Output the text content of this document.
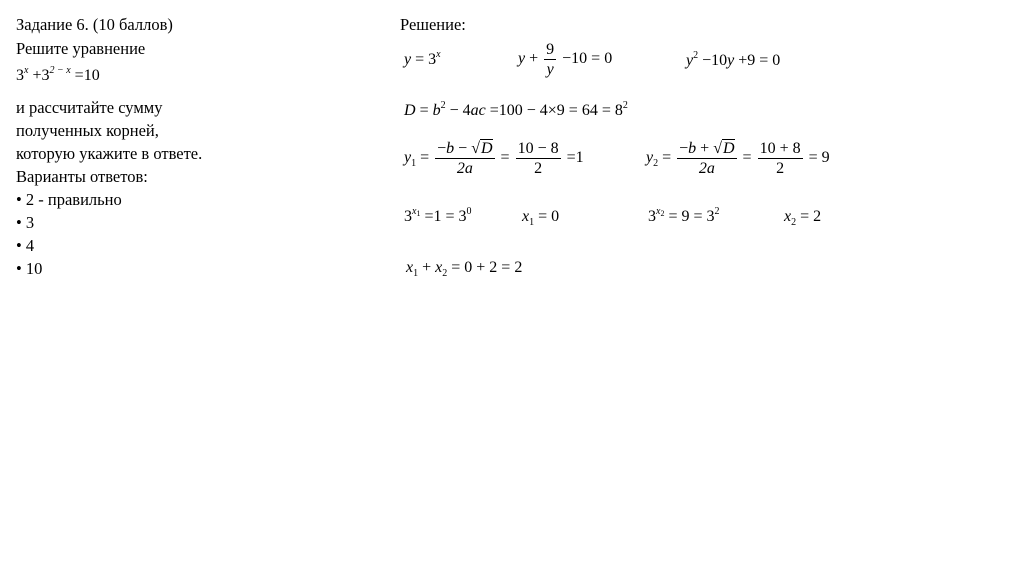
Задание 6. (10 баллов)
Решите уравнение
$3^x +3^{2 - x} =10$
и рассчитайте сумму
полученных корней,
которую укажите в ответе.
Варианты ответов:
• 2 - правильно
• 3
• 4
• 10
Решение:
$y = 3^x$	$y + \frac{9}{y} -10 = 0$	$y^2 -10y +9 = 0$
$D = b^2 - 4ac =100 - 4\times 9 = 64 = 8^2$
$y_1 = \frac{-b - √D}{2a} = \frac{10 - 8}{2} =1$	$y_2 = \frac{-b + √D}{2a} = \frac{10 + 8}{2} = 9$
$3^{x_1} =1 = 3^0$	$x_1 = 0$	$3^{x_2} = 9 = 3^2$	$x_2 = 2$
$x_1 + x_2 = 0 + 2 = 2$
